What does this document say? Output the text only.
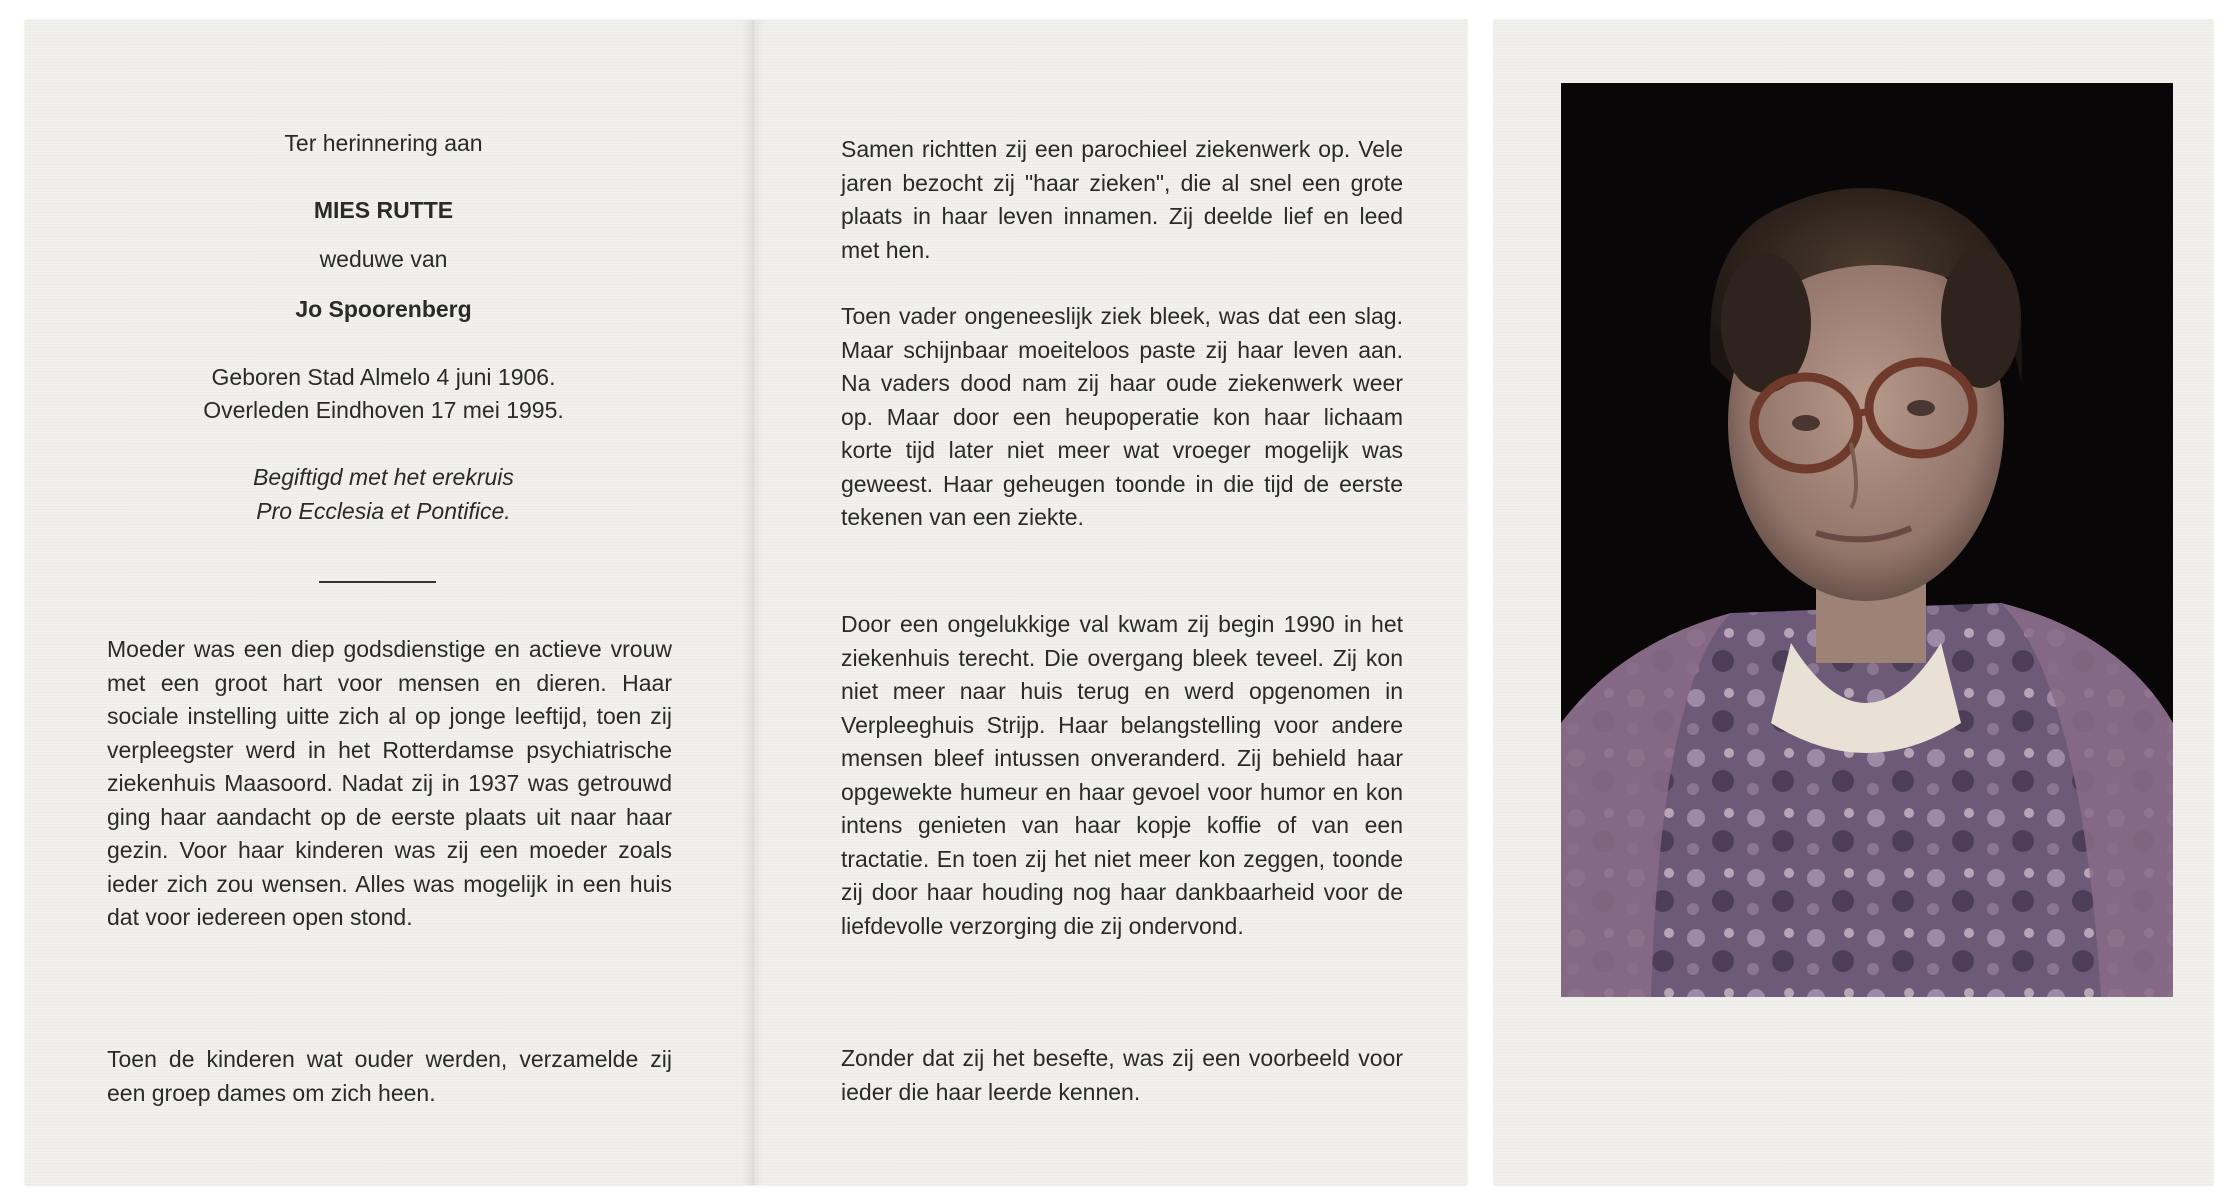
Ter herinnering aan
MIES RUTTE
weduwe van
Jo Spoorenberg
Geboren Stad Almelo 4 juni 1906.
Overleden Eindhoven 17 mei 1995.
Begiftigd met het erekruis
Pro Ecclesia et Pontifice.

Moeder was een diep godsdienstige en actieve vrouw met een groot hart voor mensen en dieren. Haar sociale instelling uitte zich al op jonge leeftijd, toen zij verpleegster werd in het Rotterdamse psychiatrische ziekenhuis Maasoord. Nadat zij in 1937 was getrouwd ging haar aandacht op de eerste plaats uit naar haar gezin. Voor haar kinderen was zij een moeder zoals ieder zich zou wensen. Alles was mogelijk in een huis dat voor iedereen open stond.

Toen de kinderen wat ouder werden, verzamelde zij een groep dames om zich heen.

Samen richtten zij een parochieel ziekenwerk op. Vele jaren bezocht zij "haar zieken", die al snel een grote plaats in haar leven innamen. Zij deelde lief en leed met hen.

Toen vader ongeneeslijk ziek bleek, was dat een slag. Maar schijnbaar moeiteloos paste zij haar leven aan. Na vaders dood nam zij haar oude ziekenwerk weer op. Maar door een heupoperatie kon haar lichaam korte tijd later niet meer wat vroeger mogelijk was geweest. Haar geheugen toonde in die tijd de eerste tekenen van een ziekte.

Door een ongelukkige val kwam zij begin 1990 in het ziekenhuis terecht. Die overgang bleek teveel. Zij kon niet meer naar huis terug en werd opgenomen in Verpleeghuis Strijp. Haar belangstelling voor andere mensen bleef intussen onveranderd. Zij behield haar opgewekte humeur en haar gevoel voor humor en kon intens genieten van haar kopje koffie of van een tractatie. En toen zij het niet meer kon zeggen, toonde zij door haar houding nog haar dankbaarheid voor de liefdevolle verzorging die zij ondervond.

Zonder dat zij het besefte, was zij een voorbeeld voor ieder die haar leerde kennen.
